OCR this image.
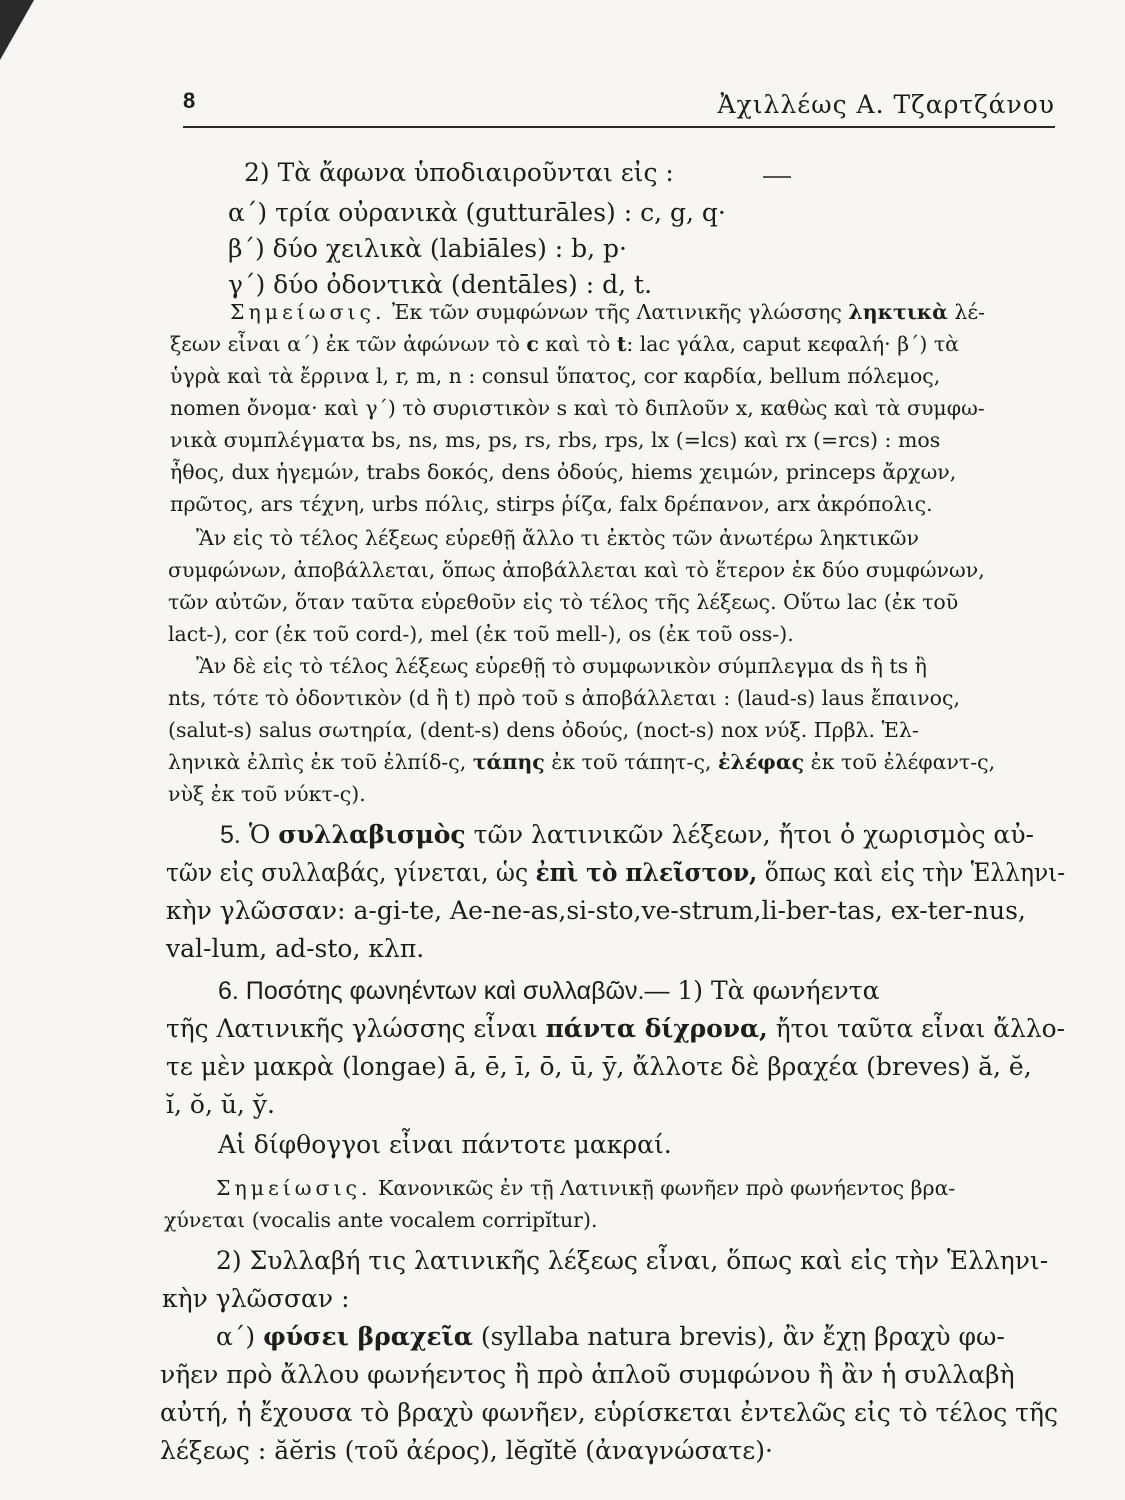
8	Ἀχιλλέως Α. Τζαρτζάνου
2) Τὰ ἄφωνα ὑποδιαιροῦνται εἰς :
α΄) τρία οὐρανικὰ (gutturāles) : c, g, q·
β΄) δύο χειλικὰ (labiāles) : b, p·
γ΄) δύο ὀδοντικὰ (dentāles) : d, t.
Σημείωσις. Ἐκ τῶν συμφώνων τῆς Λατινικῆς γλώσσης ληκτικὰ λέ-
ξεων εἶναι α΄) ἐκ τῶν ἀφώνων τὸ c καὶ τὸ t: lac γάλα, caput κεφαλή· β΄) τὰ
ὑγρὰ καὶ τὰ ἔρρινα l, r, m, n : consul ὕπατος, cor καρδία, bellum πόλεμος,
nomen ὄνομα· καὶ γ΄) τὸ συριστικὸν s καὶ τὸ διπλοῦν x, καθὼς καὶ τὰ συμφω-
νικὰ συμπλέγματα bs, ns, ms, ps, rs, rbs, rps, lx (=lcs) καὶ rx (=rcs) : mos
ἦθος, dux ἡγεμών, trabs δοκός, dens ὀδούς, hiems χειμών, princeps ἄρχων,
πρῶτος, ars τέχνη, urbs πόλις, stirps ῥίζα, falx δρέπανον, arx ἀκρόπολις.
Ἂν εἰς τὸ τέλος λέξεως εὑρεθῇ ἄλλο τι ἐκτὸς τῶν ἀνωτέρω ληκτικῶν
συμφώνων, ἀποβάλλεται, ὅπως ἀποβάλλεται καὶ τὸ ἕτερον ἐκ δύο συμφώνων,
τῶν αὐτῶν, ὅταν ταῦτα εὑρεθοῦν εἰς τὸ τέλος τῆς λέξεως. Οὕτω lac (ἐκ τοῦ
lact-), cor (ἐκ τοῦ cord-), mel (ἐκ τοῦ mell-), os (ἐκ τοῦ oss-).
Ἂν δὲ εἰς τὸ τέλος λέξεως εὑρεθῇ τὸ συμφωνικὸν σύμπλεγμα ds ἢ ts ἢ
nts, τότε τὸ ὀδοντικὸν (d ἢ t) πρὸ τοῦ s ἀποβάλλεται : (laud-s) laus ἔπαινος,
(salut-s) salus σωτηρία, (dent-s) dens ὀδούς, (noct-s) nox νύξ. Πρβλ. Ἑλ-
ληνικὰ ἐλπὶς ἐκ τοῦ ἐλπίδ-ς, τάπης ἐκ τοῦ τάπητ-ς, ἐλέφας ἐκ τοῦ ἐλέφαντ-ς,
νὺξ ἐκ τοῦ νύκτ-ς).
5. Ὁ συλλαβισμὸς τῶν λατινικῶν λέξεων, ἤτοι ὁ χωρισμὸς αὐ-
τῶν εἰς συλλαβάς, γίνεται, ὡς ἐπὶ τὸ πλεῖστον, ὅπως καὶ εἰς τὴν Ἑλληνι-
κὴν γλῶσσαν: a-gi-te, Ae-ne-as,si-sto,ve-strum,li-ber-tas, ex-ter-nus,
val-lum, ad-sto, κλπ.
6. Ποσότης φωνηέντων καὶ συλλαβῶν.— 1) Τὰ φωνήεντα
τῆς Λατινικῆς γλώσσης εἶναι πάντα δίχρονα, ἤτοι ταῦτα εἶναι ἄλλο-
τε μὲν μακρὰ (longae) ā, ē, ī, ō, ū, ȳ, ἄλλοτε δὲ βραχέα (breves) ă, ĕ,
ĭ, ŏ, ŭ, y̆.
Αἱ δίφθογγοι εἶναι πάντοτε μακραί.
Σημείωσις. Κανονικῶς ἐν τῇ Λατινικῇ φωνῆεν πρὸ φωνήεντος βρα-
χύνεται (vocalis ante vocalem corripĭtur).
2) Συλλαβή τις λατινικῆς λέξεως εἶναι, ὅπως καὶ εἰς τὴν Ἑλληνι-
κὴν γλῶσσαν :
α΄) φύσει βραχεῖα (syllaba natura brevis), ἂν ἔχῃ βραχὺ φω-
νῆεν πρὸ ἄλλου φωνήεντος ἢ πρὸ ἁπλοῦ συμφώνου ἢ ἂν ἡ συλλαβὴ
αὐτή, ἡ ἔχουσα τὸ βραχὺ φωνῆεν, εὑρίσκεται ἐντελῶς εἰς τὸ τέλος τῆς
λέξεως : ăĕris (τοῦ ἀέρος), lĕgĭtĕ (ἀναγνώσατε)·
